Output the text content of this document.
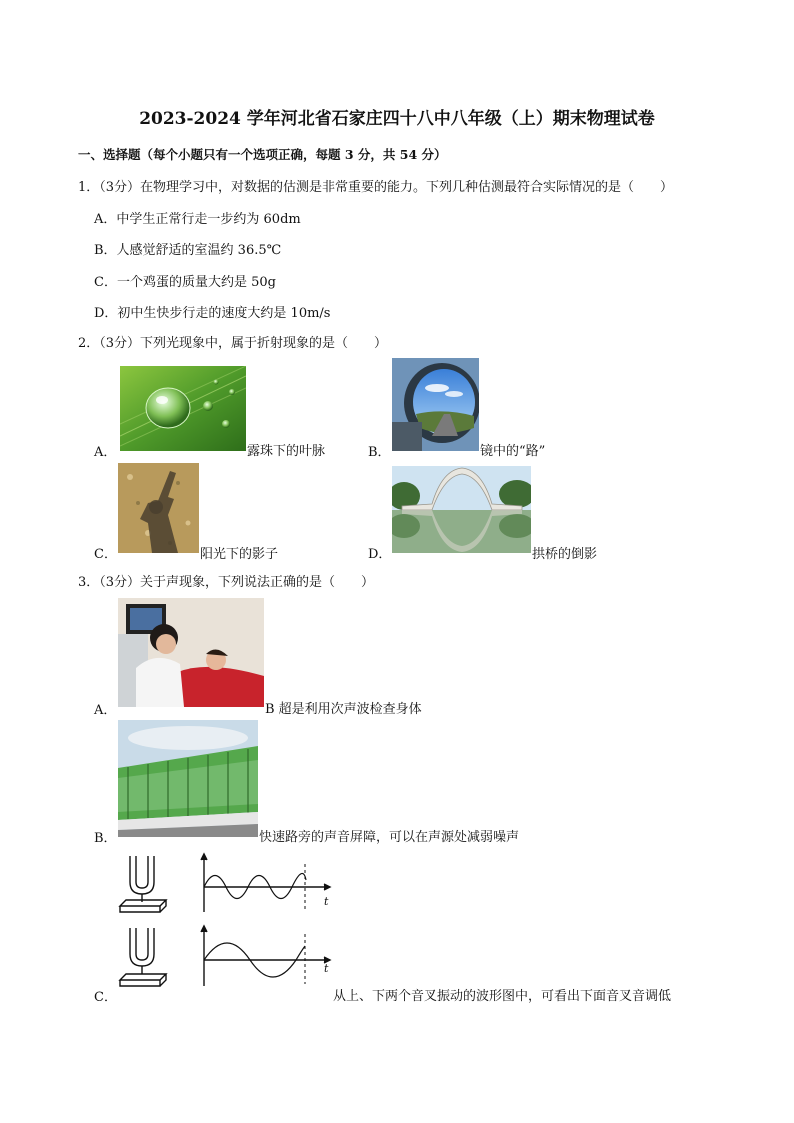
2023-2024 学年河北省石家庄四十八中八年级（上）期末物理试卷
一、选择题（每个小题只有一个选项正确，每题 3 分，共 54 分）
1．（3分）在物理学习中，对数据的估测是非常重要的能力。下列几种估测最符合实际情况的是（　　）
A．中学生正常行走一步约为 60dm
B．人感觉舒适的室温约 36.5℃
C．一个鸡蛋的质量大约是 50g
D．初中生快步行走的速度大约是 10m/s
2．（3分）下列光现象中，属于折射现象的是（　　）
A．	露珠下的叶脉	B．	镜中的“路”
C．	阳光下的影子	D．	拱桥的倒影
3．（3分）关于声现象，下列说法正确的是（　　）
A．	B 超是利用次声波检查身体
B．	快速路旁的声音屏障，可以在声源处减弱噪声
t
t
C．	从上、下两个音叉振动的波形图中，可看出下面音叉音调低
